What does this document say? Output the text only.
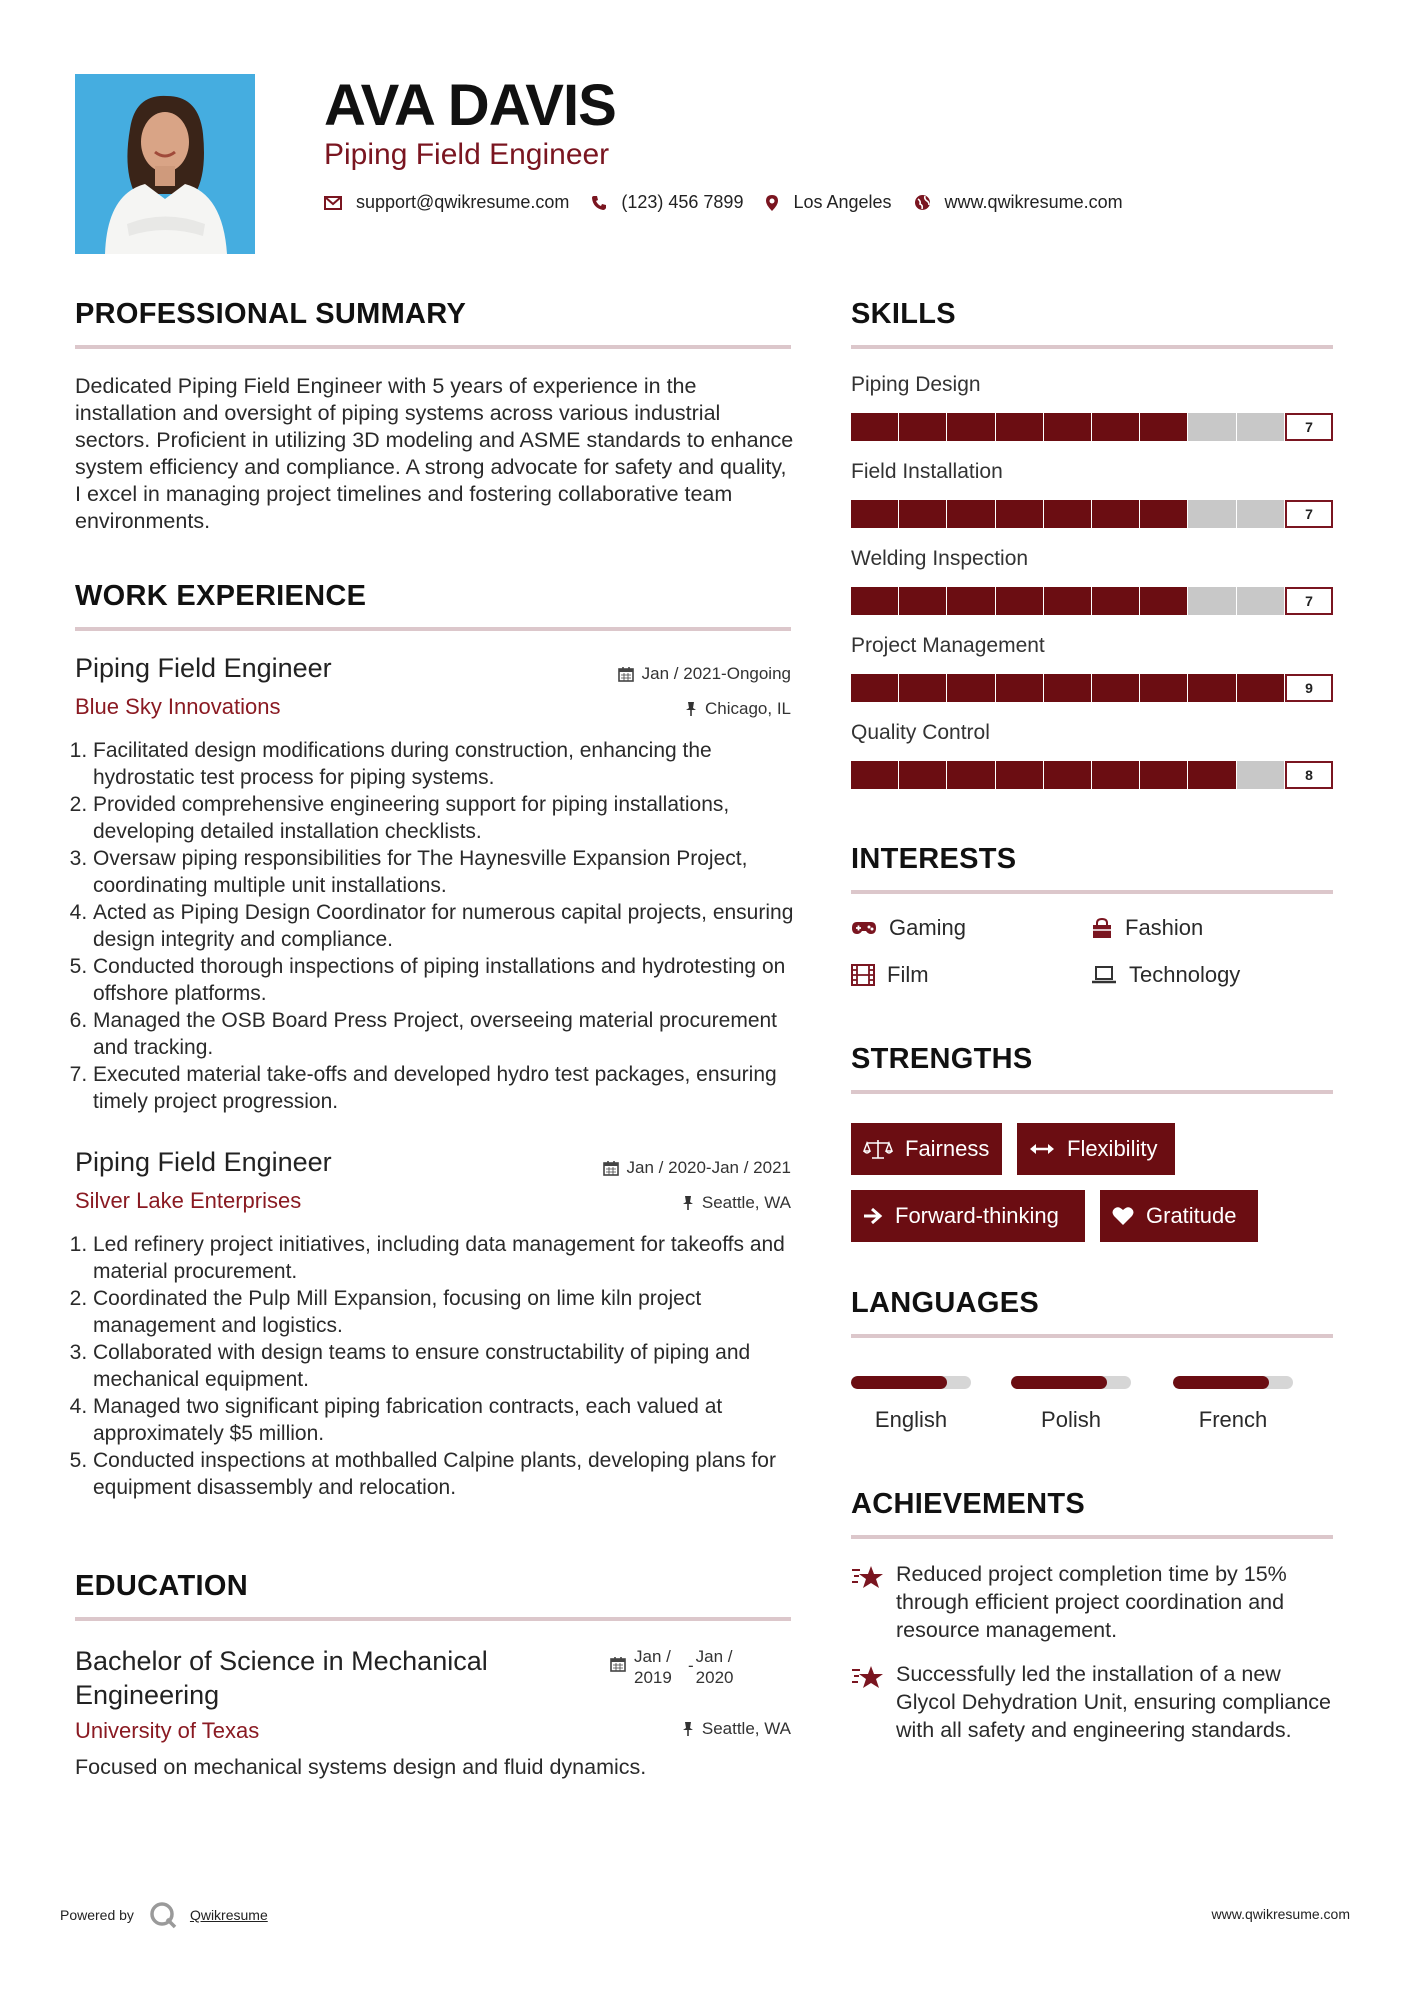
AVA DAVIS
Piping Field Engineer
support@qwikresume.com	(123) 456 7899	Los Angeles	www.qwikresume.com
PROFESSIONAL SUMMARY
Dedicated Piping Field Engineer with 5 years of experience in the installation and oversight of piping systems across various industrial sectors. Proficient in utilizing 3D modeling and ASME standards to enhance system efficiency and compliance. A strong advocate for safety and quality, I excel in managing project timelines and fostering collaborative team environments.
WORK EXPERIENCE
Piping Field Engineer	Jan / 2021-Ongoing
Blue Sky Innovations	Chicago, IL
1. Facilitated design modifications during construction, enhancing the hydrostatic test process for piping systems.
2. Provided comprehensive engineering support for piping installations, developing detailed installation checklists.
3. Oversaw piping responsibilities for The Haynesville Expansion Project, coordinating multiple unit installations.
4. Acted as Piping Design Coordinator for numerous capital projects, ensuring design integrity and compliance.
5. Conducted thorough inspections of piping installations and hydrotesting on offshore platforms.
6. Managed the OSB Board Press Project, overseeing material procurement and tracking.
7. Executed material take-offs and developed hydro test packages, ensuring timely project progression.
Piping Field Engineer	Jan / 2020-Jan / 2021
Silver Lake Enterprises	Seattle, WA
1. Led refinery project initiatives, including data management for takeoffs and material procurement.
2. Coordinated the Pulp Mill Expansion, focusing on lime kiln project management and logistics.
3. Collaborated with design teams to ensure constructability of piping and mechanical equipment.
4. Managed two significant piping fabrication contracts, each valued at approximately $5 million.
5. Conducted inspections at mothballed Calpine plants, developing plans for equipment disassembly and relocation.
EDUCATION
Bachelor of Science in Mechanical Engineering
Jan / 2019
- Jan / 2020
University of Texas	Seattle, WA
Focused on mechanical systems design and fluid dynamics.
SKILLS
Piping Design
7
Field Installation
7
Welding Inspection
7
Project Management
9
Quality Control
8
INTERESTS
Gaming	Fashion
Film	Technology
STRENGTHS
Fairness	Flexibility
Forward-thinking	Gratitude
LANGUAGES
English	Polish	French
ACHIEVEMENTS
Reduced project completion time by 15% through efficient project coordination and resource management.
Successfully led the installation of a new Glycol Dehydration Unit, ensuring compliance with all safety and engineering standards.
Powered by	Qwikresume	www.qwikresume.com
